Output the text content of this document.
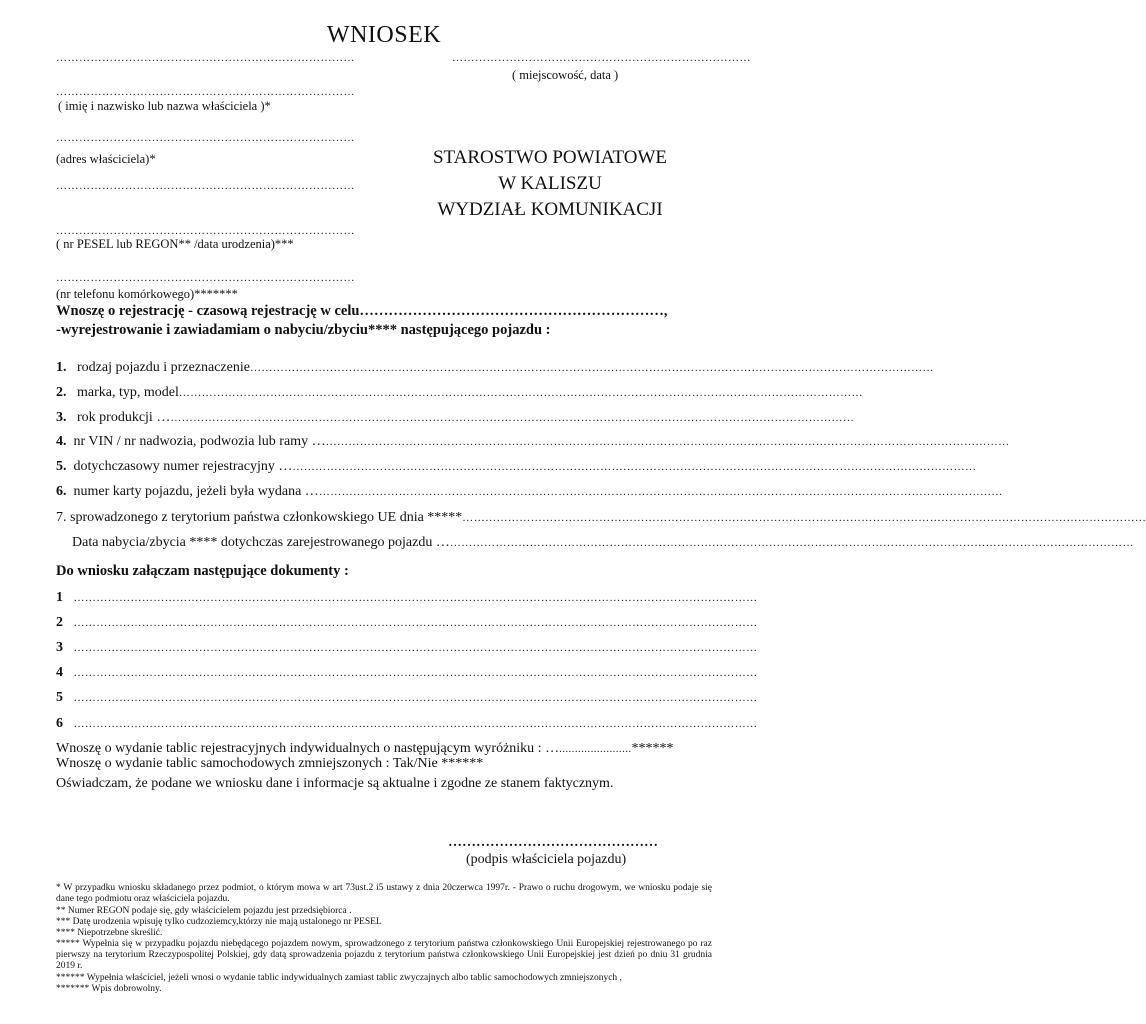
WNIOSEK
……………………………………………………………………	……………………………………………………………………
( miejscowość, data )
……………………………………………………………………
( imię i nazwisko lub nazwa właściciela )*
……………………………………………………………………
(adres właściciela)*
……………………………………………………………………
……………………………………………………………………
( nr PESEL lub REGON** /data urodzenia)***
……………………………………………………………………
(nr telefonu komórkowego)*******
STAROSTWO POWIATOWE
W KALISZU
WYDZIAŁ KOMUNIKACJI
Wnoszę o rejestrację - czasową rejestrację w celu………………………………………………………,
-wyrejestrowanie i zawiadamiam o nabyciu/zbyciu**** następującego pojazdu :
1. rodzaj pojazdu i przeznaczenie………………………………………………………………………………………………………………………………………………………………
2. marka, typ, model………………………………………………………………………………………………………………………………………………………………
3. rok produkcji …………………………………………………………………………………………………………………………………………………………………
4. nr VIN / nr nadwozia, podwozia lub ramy …………………………………………………………………………………………………………………………………………………………………
5. dotychczasowy numer rejestracyjny …………………………………………………………………………………………………………………………………………………………………
6. numer karty pojazdu, jeżeli była wydana …………………………………………………………………………………………………………………………………………………………………
7. sprowadzonego z terytorium państwa członkowskiego UE dnia *****………………………………………………………………………………………………………………………………………………………………
Data nabycia/zbycia **** dotychczas zarejestrowanego pojazdu …………………………………………………………………………………………………………………………………………………………………
Do wniosku załączam następujące dokumenty :
1 ………………………………………………………………………………………………………………………………………………………………
2 ………………………………………………………………………………………………………………………………………………………………
3 ………………………………………………………………………………………………………………………………………………………………
4 ………………………………………………………………………………………………………………………………………………………………
5 ………………………………………………………………………………………………………………………………………………………………
6 ………………………………………………………………………………………………………………………………………………………………
Wnoszę o wydanie tablic rejestracyjnych indywidualnych o następującym wyróżniku : ….......................******
Wnoszę o wydanie tablic samochodowych zmniejszonych : Tak/Nie ******
Oświadczam, że podane we wniosku dane i informacje są aktualne i zgodne ze stanem faktycznym.
………………………………………
(podpis właściciela pojazdu)
* W przypadku wniosku składanego przez podmiot, o którym mowa w art 73ust.2 i5 ustawy z dnia 20czerwca 1997r. - Prawo o ruchu drogowym, we wniosku podaje się dane tego podmiotu oraz właściciela pojazdu.
** Numer REGON podaje się, gdy właścicielem pojazdu jest przedsiębiorca .
*** Datę urodzenia wpisuję tylko cudzoziemcy,którzy nie mają ustalonego nr PESEL
**** Niepotrzebne skreślić.
***** Wypełnia się w przypadku pojazdu niebędącego pojazdem nowym, sprowadzonego z terytorium państwa członkowskiego Unii Europejskiej rejestrowanego po raz pierwszy na terytorium Rzeczypospolitej Polskiej, gdy datą sprowadzenia pojazdu z terytorium państwa członkowskiego Unii Europejskiej jest dzień po dniu 31 grudnia 2019 r.
****** Wypełnia właściciel, jeżeli wnosi o wydanie tablic indywidualnych zamiast tablic zwyczajnych albo tablic samochodowych zmniejszonych ,
******* Wpis dobrowolny.
